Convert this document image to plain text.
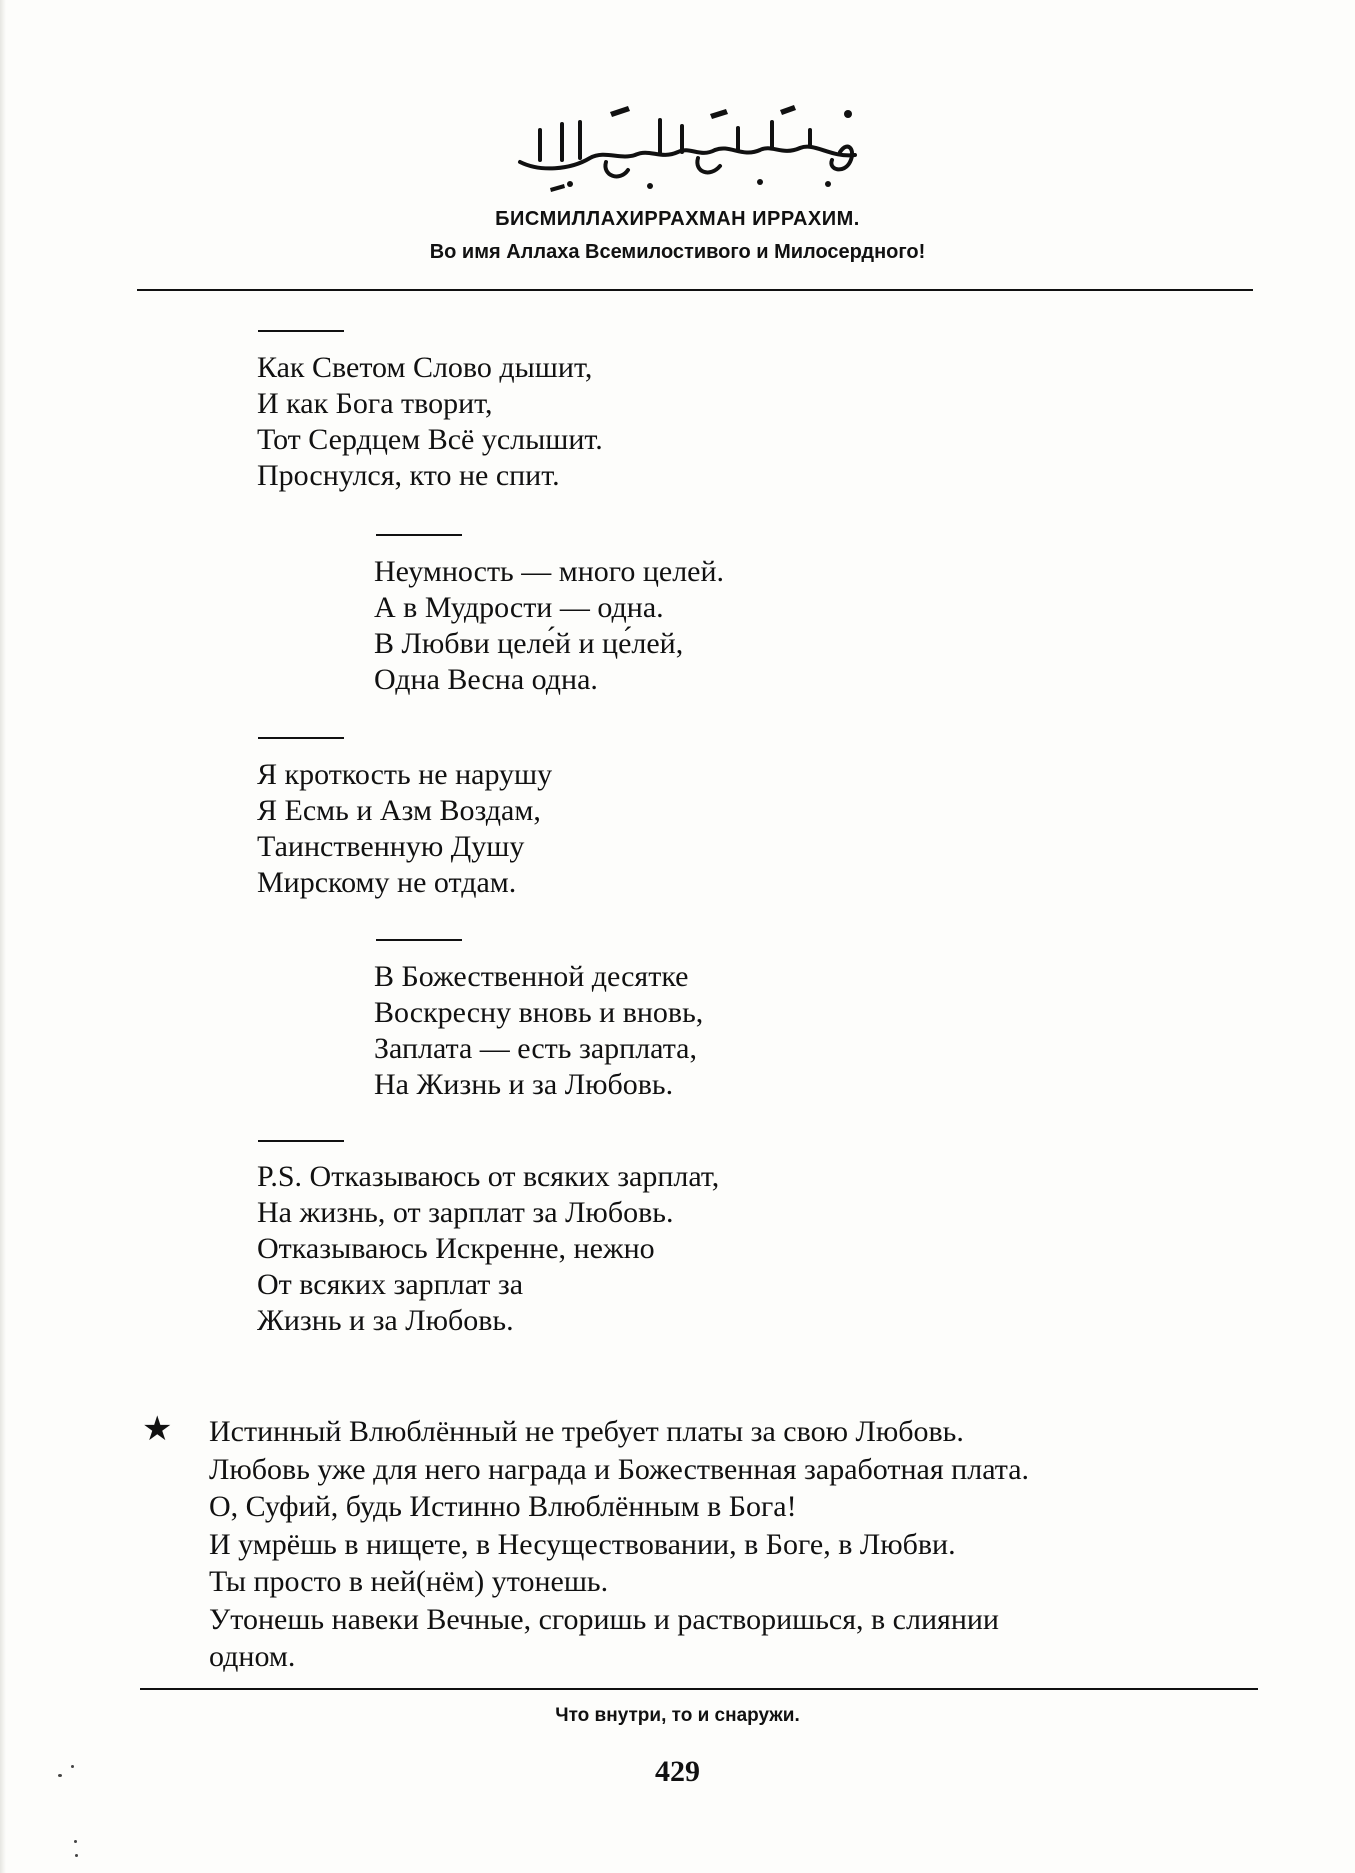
БИСМИЛЛАХИРРАХМАН ИРРАХИМ.
Во имя Аллаха Всемилостивого и Милосердного!
Как Светом Слово дышит,
И как Бога творит,
Тот Сердцем Всё услышит.
Проснулся, кто не спит.
Неумность — много целей.
А в Мудрости — одна.
В Любви целе́й и це́лей,
Одна Весна одна.
Я кроткость не нарушу
Я Есмь и Азм Воздам,
Таинственную Душу
Мирскому не отдам.
В Божественной десятке
Воскресну вновь и вновь,
Заплата — есть зарплата,
На Жизнь и за Любовь.
P.S. Отказываюсь от всяких зарплат,
На жизнь, от зарплат за Любовь.
Отказываюсь Искренне, нежно
От всяких зарплат за
Жизнь и за Любовь.
★ Истинный Влюблённый не требует платы за свою Любовь.
Любовь уже для него награда и Божественная заработная плата.
О, Суфий, будь Истинно Влюблённым в Бога!
И умрёшь в нищете, в Несуществовании, в Боге, в Любви.
Ты просто в ней(нём) утонешь.
Утонешь навеки Вечные, сгоришь и растворишься, в слиянии
одном.
Что внутри, то и снаружи.
429
